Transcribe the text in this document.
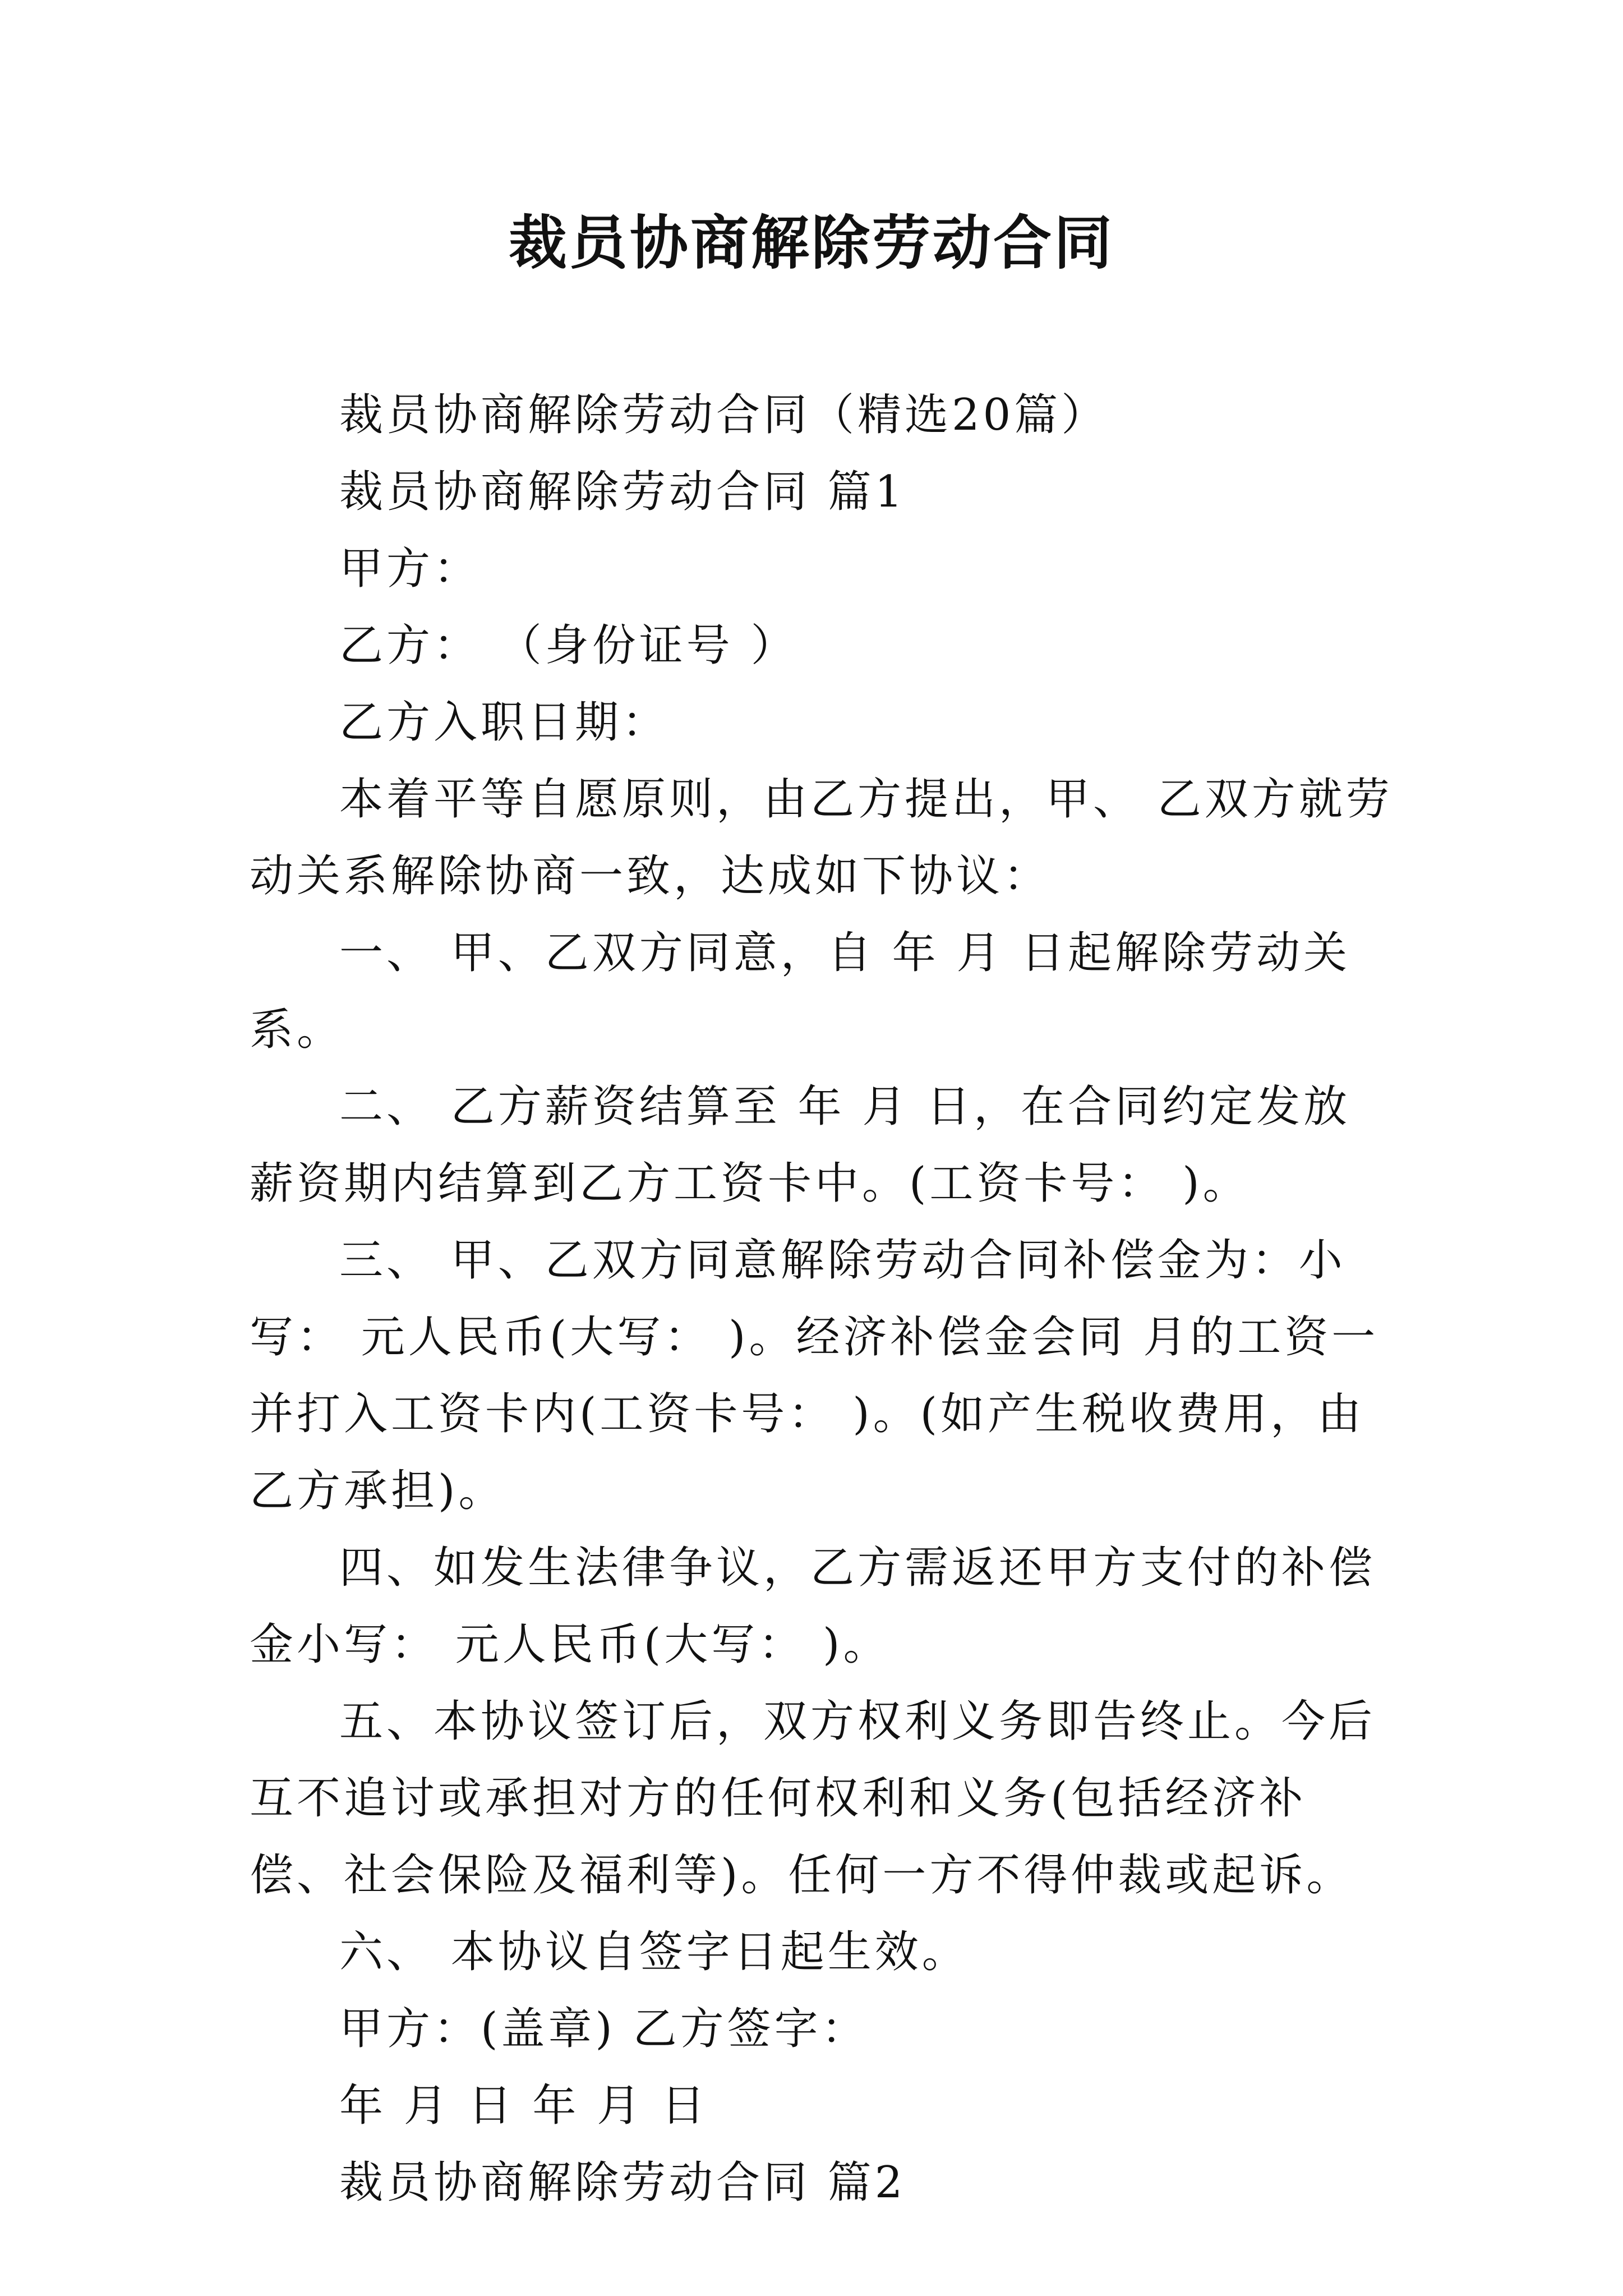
裁员协商解除劳动合同

裁员协商解除劳动合同（精选20篇）

裁员协商解除劳动合同 篇1

甲方：

乙方： （身份证号 ）

乙方入职日期：

本着平等自愿原则，由乙方提出，甲、 乙双方就劳动关系解除协商一致，达成如下协议：

一、 甲、乙双方同意，自 年 月 日起解除劳动关系。

二、 乙方薪资结算至 年 月 日，在合同约定发放薪资期内结算到乙方工资卡中。(工资卡号： )。

三、 甲、乙双方同意解除劳动合同补偿金为：小写： 元人民币(大写： )。经济补偿金会同 月的工资一并打入工资卡内(工资卡号： )。(如产生税收费用，由乙方承担)。

四、如发生法律争议，乙方需返还甲方支付的补偿金小写： 元人民币(大写： )。

五、本协议签订后，双方权利义务即告终止。今后互不追讨或承担对方的任何权利和义务(包括经济补偿、社会保险及福利等)。任何一方不得仲裁或起诉。

六、 本协议自签字日起生效。

甲方：(盖章) 乙方签字：

年 月 日 年 月 日

裁员协商解除劳动合同 篇2
